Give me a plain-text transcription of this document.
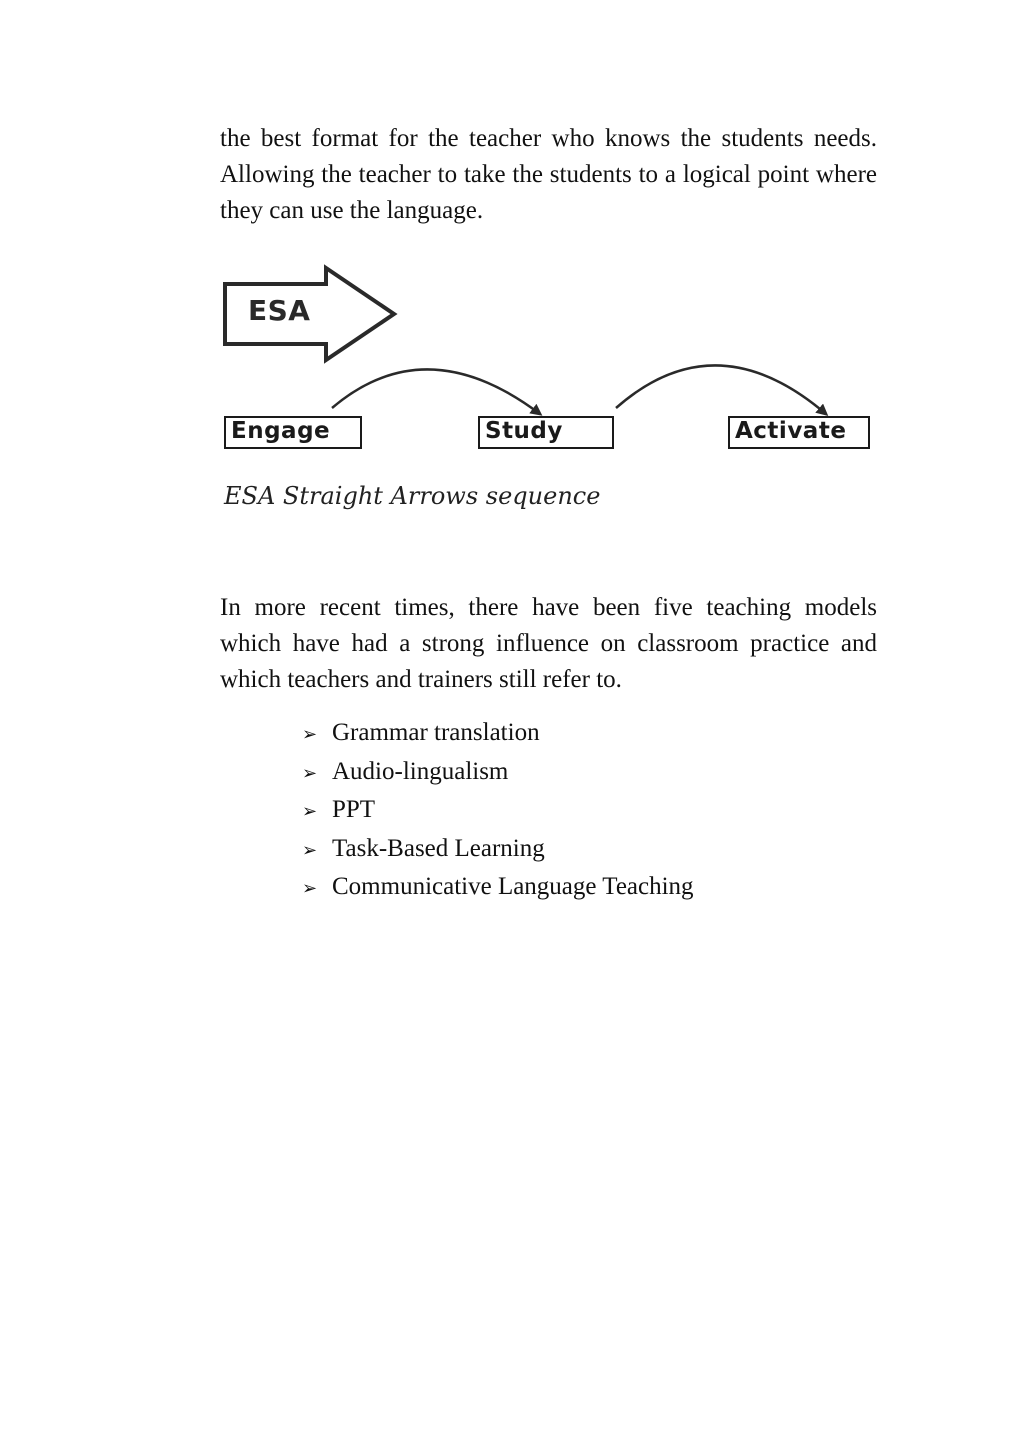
the best format for the teacher who knows the students needs. Allowing the teacher to take the students to a logical point where they can use the language.

ESA
Engage	Study	Activate
ESA Straight Arrows sequence

In more recent times, there have been five teaching models which have had a strong influence on classroom practice and which teachers and trainers still refer to.

➢ Grammar translation
➢ Audio-lingualism
➢ PPT
➢ Task-Based Learning
➢ Communicative Language Teaching
